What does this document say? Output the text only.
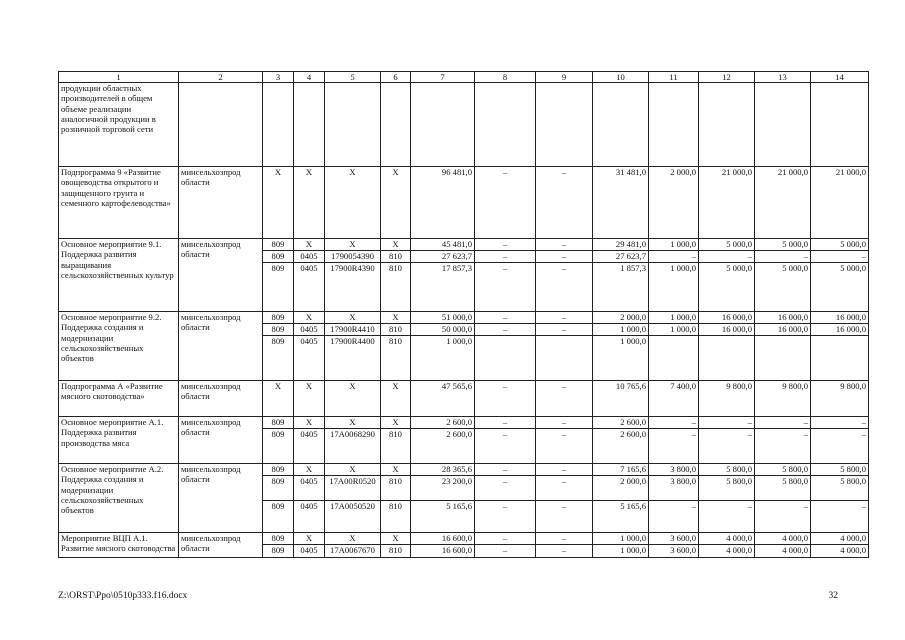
1	2	3	4	5	6	7	8	9	10	11	12	13	14
продукции областных производителей в общем объеме реализации аналогичной продукции в розничной торговой сети													
Подпрограмма 9 «Развитие овощеводства открытого и защищенного грунта и семенного картофелеводства»	минсельхозпрод области	Х	Х	Х	Х	96 481,0	–	–	31 481,0	2 000,0	21 000,0	21 000,0	21 000,0
Основное мероприятие 9.1. Поддержка развития выращивания сельскохозяйственных культур	минсельхозпрод области	809	Х	Х	Х	45 481,0	–	–	29 481,0	1 000,0	5 000,0	5 000,0	5 000,0
		809	0405	1790054390	810	27 623,7	–	–	27 623,7	–	–	–	–
		809	0405	17900R4390	810	17 857,3	–	–	1 857,3	1 000,0	5 000,0	5 000,0	5 000,0
Основное мероприятие 9.2. Поддержка создания и модернизации сельскохозяйственных объектов	минсельхозпрод области	809	Х	Х	Х	51 000,0	–	–	2 000,0	1 000,0	16 000,0	16 000,0	16 000,0
		809	0405	17900R4410	810	50 000,0	–	–	1 000,0	1 000,0	16 000,0	16 000,0	16 000,0
		809	0405	17900R4400	810	1 000,0			1 000,0				
Подпрограмма А «Развитие мясного скотоводства»	минсельхозпрод области	Х	Х	Х	Х	47 565,6	–	–	10 765,6	7 400,0	9 800,0	9 800,0	9 800,0
Основное мероприятие А.1. Поддержка развития производства мяса	минсельхозпрод области	809	Х	Х	Х	2 600,0	–	–	2 600,0	–	–	–	–
		809	0405	17А0068290	810	2 600,0	–	–	2 600,0	–	–	–	–
Основное мероприятие А.2. Поддержка создания и модернизации сельскохозяйственных объектов	минсельхозпрод области	809	Х	Х	Х	28 365,6	–	–	7 165,6	3 800,0	5 800,0	5 800,0	5 800,0
		809	0405	17А00R0520	810	23 200,0	–	–	2 000,0	3 800,0	5 800,0	5 800,0	5 800,0
		809	0405	17А0050520	810	5 165,6	–	–	5 165,6	–	–	–	–
Мероприятие ВЦП А.1. Развитие мясного скотоводства	минсельхозпрод области	809	Х	Х	Х	16 600,0	–	–	1 000,0	3 600,0	4 000,0	4 000,0	4 000,0
		809	0405	17А0067670	810	16 600,0	–	–	1 000,0	3 600,0	4 000,0	4 000,0	4 000,0
Z:\ORST\Ppo\0510p333.f16.docx	32
